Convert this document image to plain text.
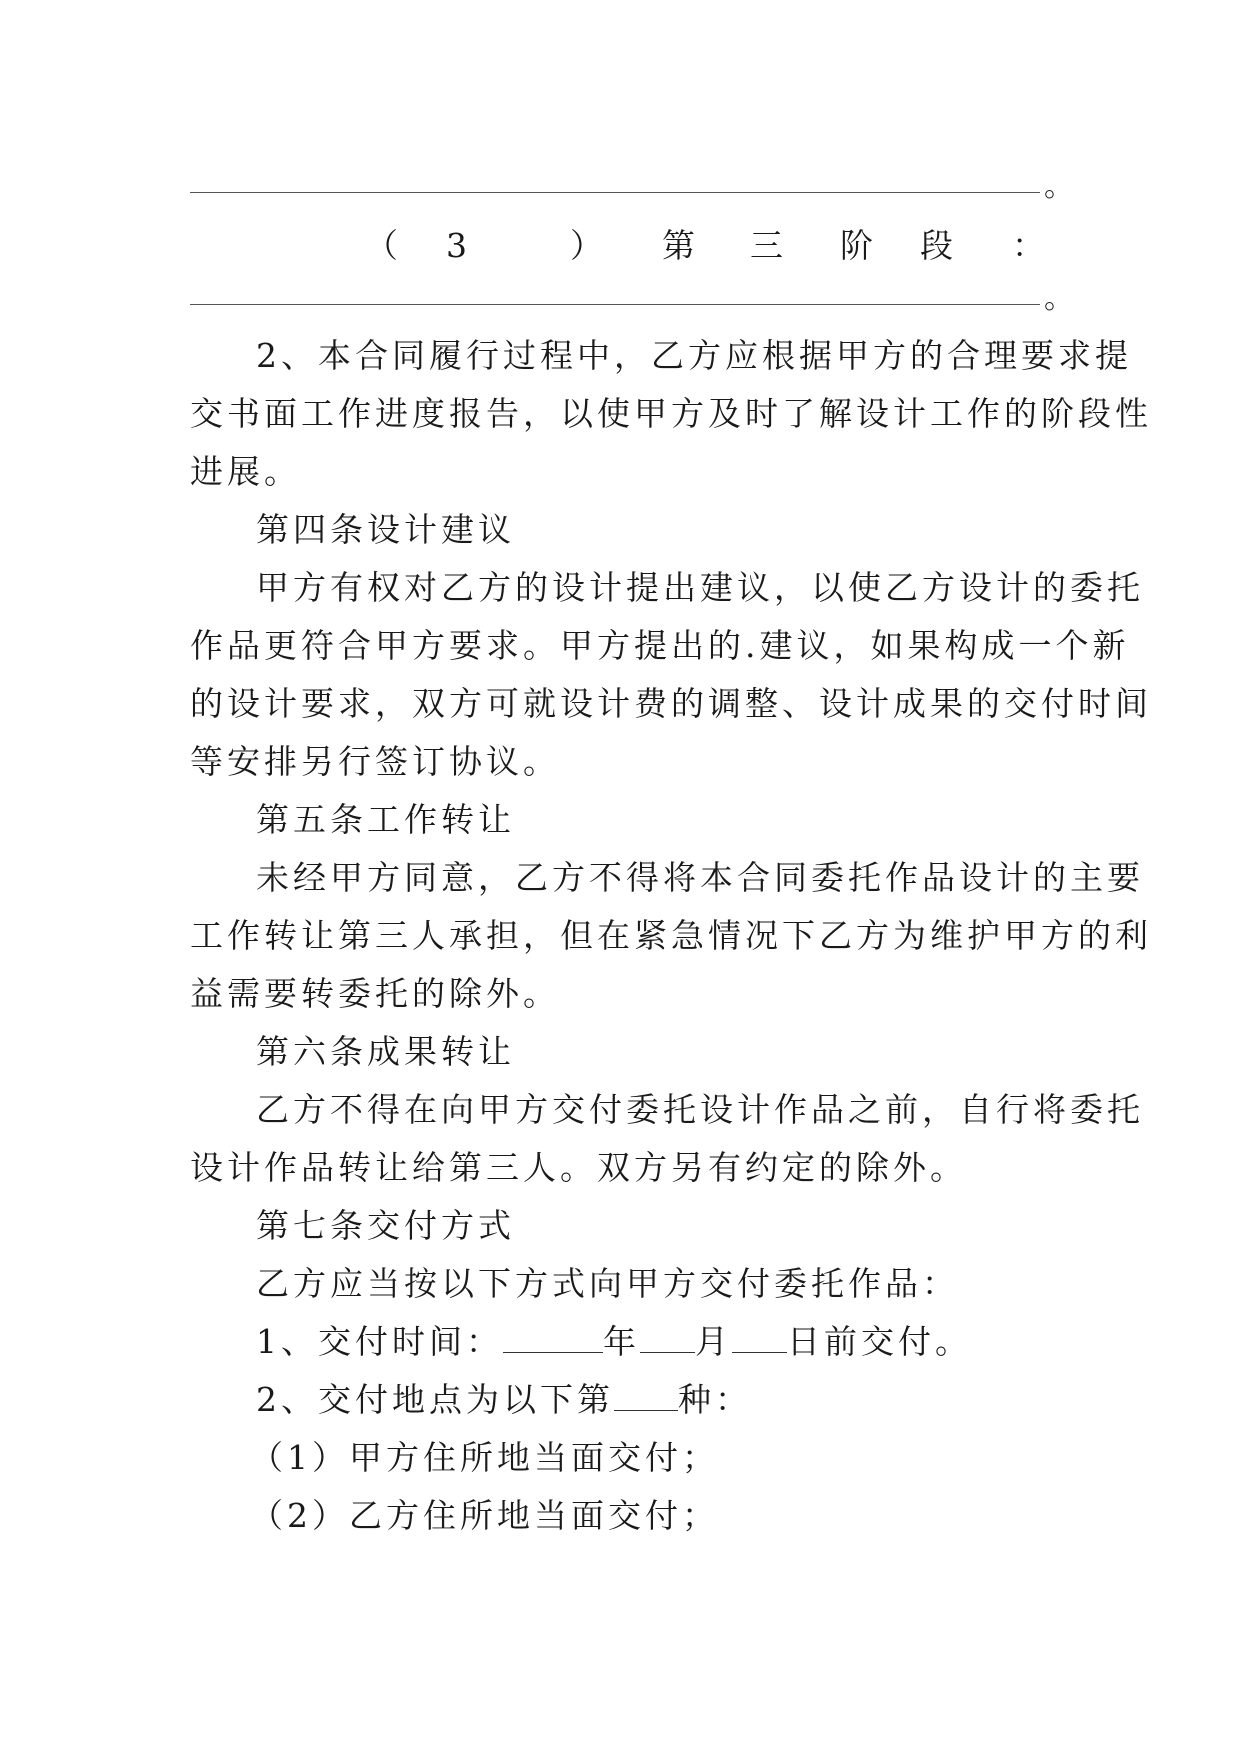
。
（ 3	） 第 三 阶 段 ：
。
2、本合同履行过程中，乙方应根据甲方的合理要求提
交书面工作进度报告，以使甲方及时了解设计工作的阶段性
进展。
第四条设计建议
甲方有权对乙方的设计提出建议，以使乙方设计的委托
作品更符合甲方要求。甲方提出的.建议，如果构成一个新
的设计要求，双方可就设计费的调整、设计成果的交付时间
等安排另行签订协议。
第五条工作转让
未经甲方同意，乙方不得将本合同委托作品设计的主要
工作转让第三人承担，但在紧急情况下乙方为维护甲方的利
益需要转委托的除外。
第六条成果转让
乙方不得在向甲方交付委托设计作品之前，自行将委托
设计作品转让给第三人。双方另有约定的除外。
第七条交付方式
乙方应当按以下方式向甲方交付委托作品：
1、交付时间：	年 月 日前交付。
2、交付地点为以下第 种：
（1）甲方住所地当面交付；
（2）乙方住所地当面交付；
